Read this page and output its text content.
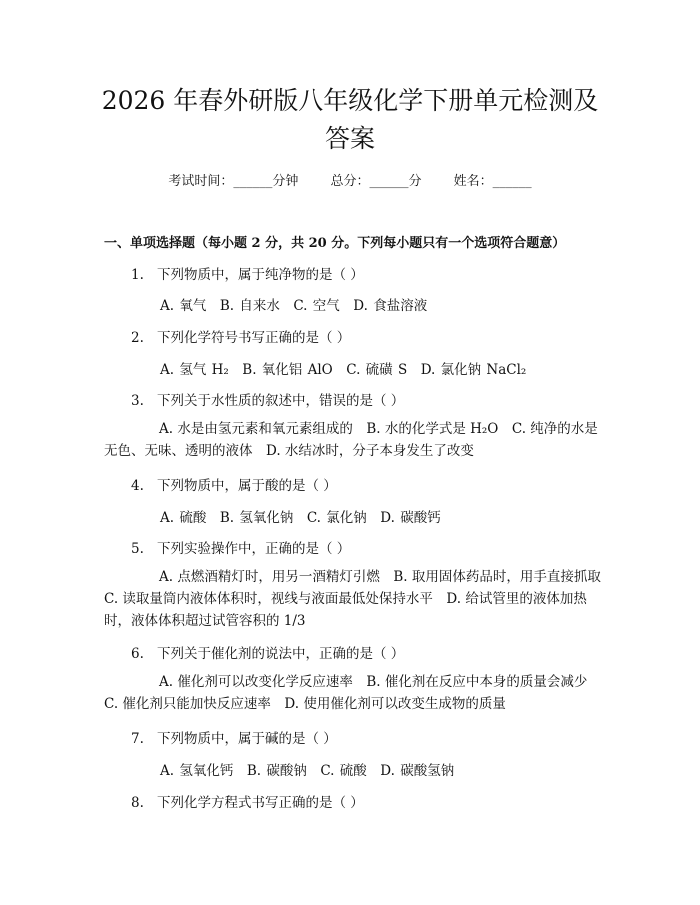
2026 年春外研版八年级化学下册单元检测及
答案
考试时间：______分钟 总分：______分 姓名：______
一、单项选择题（每小题 2 分，共 20 分。下列每小题只有一个选项符合题意）
1. 下列物质中，属于纯净物的是（ ）
A. 氧气　B. 自来水　C. 空气　D. 食盐溶液
2. 下列化学符号书写正确的是（ ）
A. 氢气 H₂　B. 氧化铝 AlO　C. 硫磺 S　D. 氯化钠 NaCl₂
3. 下列关于水性质的叙述中，错误的是（ ）
A. 水是由氢元素和氧元素组成的　B. 水的化学式是 H₂O　C. 纯净的水是无色、无味、透明的液体　D. 水结冰时，分子本身发生了改变
4. 下列物质中，属于酸的是（ ）
A. 硫酸　B. 氢氧化钠　C. 氯化钠　D. 碳酸钙
5. 下列实验操作中，正确的是（ ）
A. 点燃酒精灯时，用另一酒精灯引燃　B. 取用固体药品时，用手直接抓取　C. 读取量筒内液体体积时，视线与液面最低处保持水平　D. 给试管里的液体加热时，液体体积超过试管容积的 1/3
6. 下列关于催化剂的说法中，正确的是（ ）
A. 催化剂可以改变化学反应速率　B. 催化剂在反应中本身的质量会减少　C. 催化剂只能加快反应速率　D. 使用催化剂可以改变生成物的质量
7. 下列物质中，属于碱的是（ ）
A. 氢氧化钙　B. 碳酸钠　C. 硫酸　D. 碳酸氢钠
8. 下列化学方程式书写正确的是（ ）
